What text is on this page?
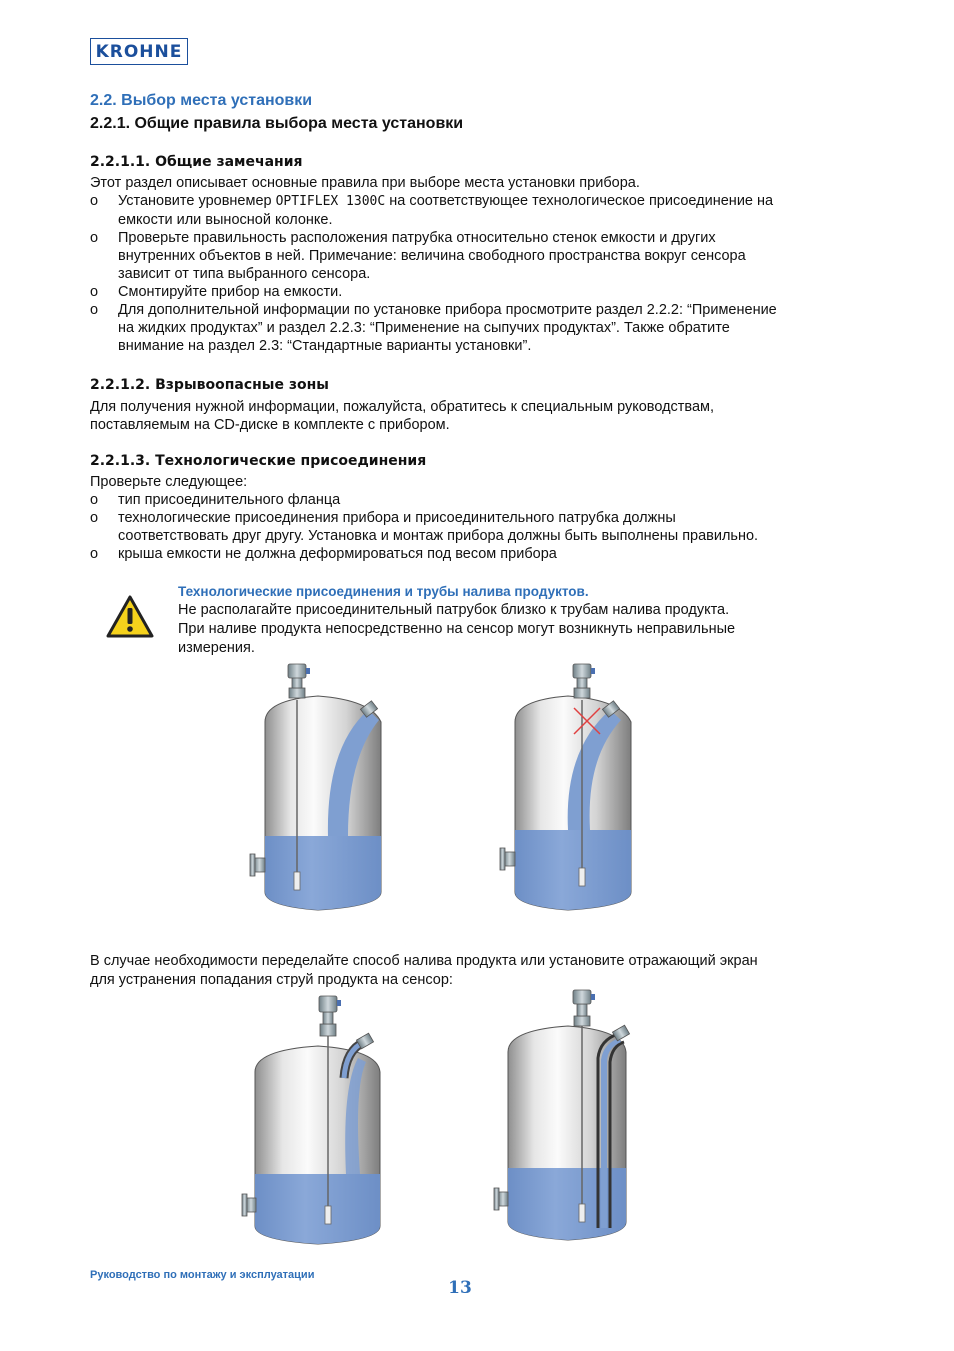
KROHNE
2.2. Выбор места установки
2.2.1. Общие правила выбора места установки
2.2.1.1. Общие замечания
Этот раздел описывает основные правила при выборе места установки прибора.
o Установите уровнемер OPTIFLEX 1300C на соответствующее технологическое присоединение на
емкости или выносной колонке.
o Проверьте правильность расположения патрубка относительно стенок емкости и других
внутренних объектов в ней. Примечание: величина свободного пространства вокруг сенсора
зависит от типа выбранного сенсора.
o Смонтируйте прибор на емкости.
o Для дополнительной информации по установке прибора просмотрите раздел 2.2.2: “Применение
на жидких продуктах” и раздел 2.2.3: “Применение на сыпучих продуктах”. Также обратите
внимание на раздел 2.3: “Стандартные варианты установки”.
2.2.1.2. Взрывоопасные зоны
Для получения нужной информации, пожалуйста, обратитесь к специальным руководствам,
поставляемым на CD-диске в комплекте с прибором.
2.2.1.3. Технологические присоединения
Проверьте следующее:
o тип присоединительного фланца
o технологические присоединения прибора и присоединительного патрубка должны
соответствовать друг другу. Установка и монтаж прибора должны быть выполнены правильно.
o крыша емкости не должна деформироваться под весом прибора
Технологические присоединения и трубы налива продуктов.
Не располагайте присоединительный патрубок близко к трубам налива продукта.
При наливе продукта непосредственно на сенсор могут возникнуть неправильные
измерения.
В случае необходимости переделайте способ налива продукта или установите отражающий экран
для устранения попадания струй продукта на сенсор:
Руководство по монтажу и эксплуатации
13
